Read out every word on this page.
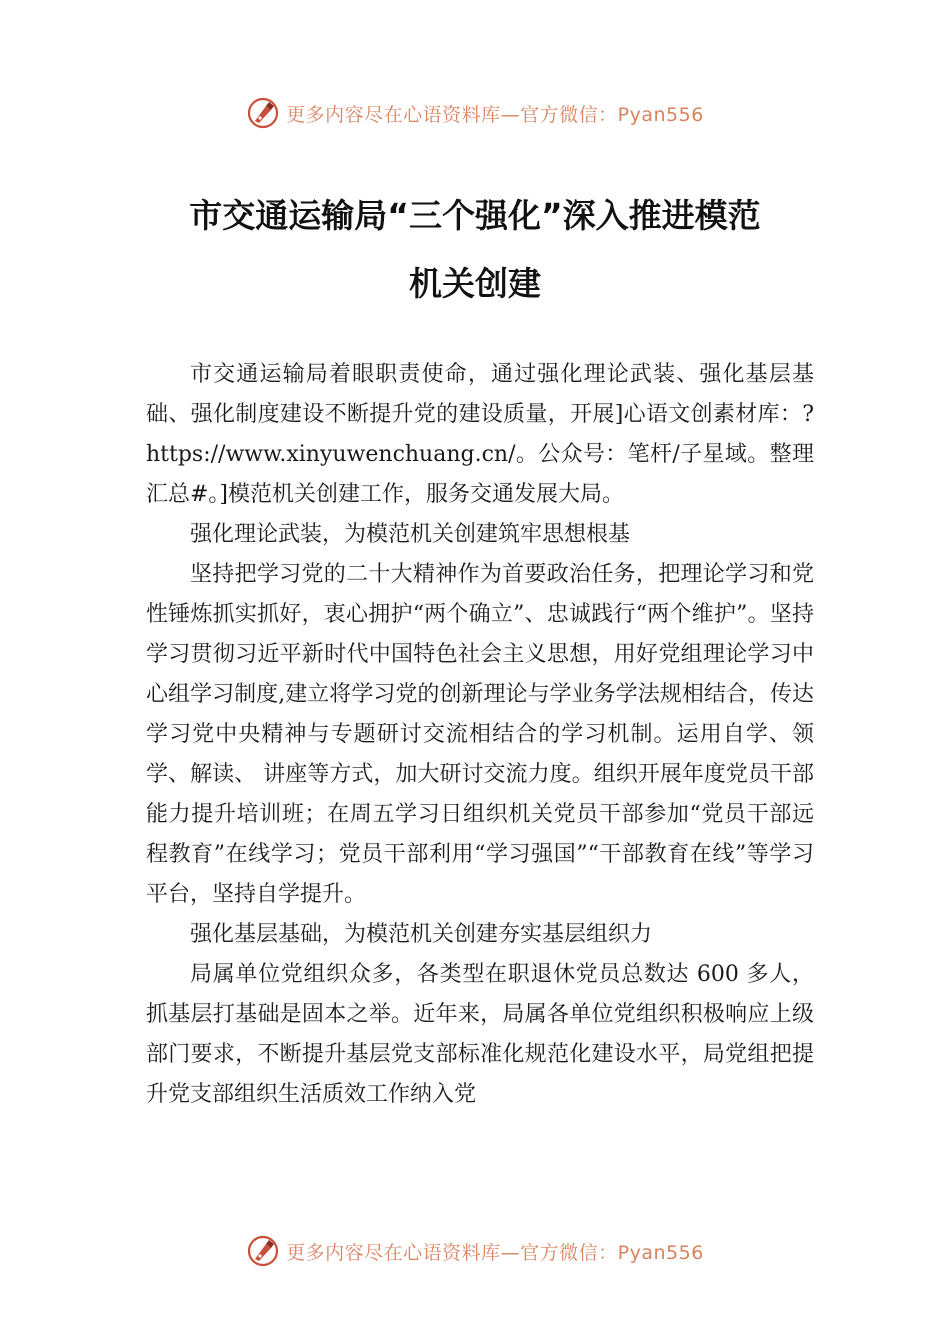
更多内容尽在心语资料库—官方微信：Pyan556
市交通运输局“三个强化”深入推进模范
机关创建

市交通运输局着眼职责使命，通过强化理论武装、强化基层基础、强化制度建设不断提升党的建设质量，开展]心语文创素材库：?https://www.xinyuwenchuang.cn/。公众号：笔杆/子星域。整理汇总#。]模范机关创建工作，服务交通发展大局。

强化理论武装，为模范机关创建筑牢思想根基

坚持把学习党的二十大精神作为首要政治任务，把理论学习和党性锤炼抓实抓好，衷心拥护“两个确立”、忠诚践行“两个维护”。坚持学习贯彻习近平新时代中国特色社会主义思想，用好党组理论学习中心组学习制度,建立将学习党的创新理论与学业务学法规相结合，传达学习党中央精神与专题研讨交流相结合的学习机制。运用自学、领学、解读、 讲座等方式，加大研讨交流力度。组织开展年度党员干部能力提升培训班；在周五学习日组织机关党员干部参加“党员干部远程教育”在线学习；党员干部利用“学习强国”“干部教育在线”等学习平台，坚持自学提升。

强化基层基础，为模范机关创建夯实基层组织力

局属单位党组织众多，各类型在职退休党员总数达 600 多人，抓基层打基础是固本之举。近年来，局属各单位党组织积极响应上级部门要求，不断提升基层党支部标准化规范化建设水平，局党组把提升党支部组织生活质效工作纳入党

更多内容尽在心语资料库—官方微信：Pyan556
